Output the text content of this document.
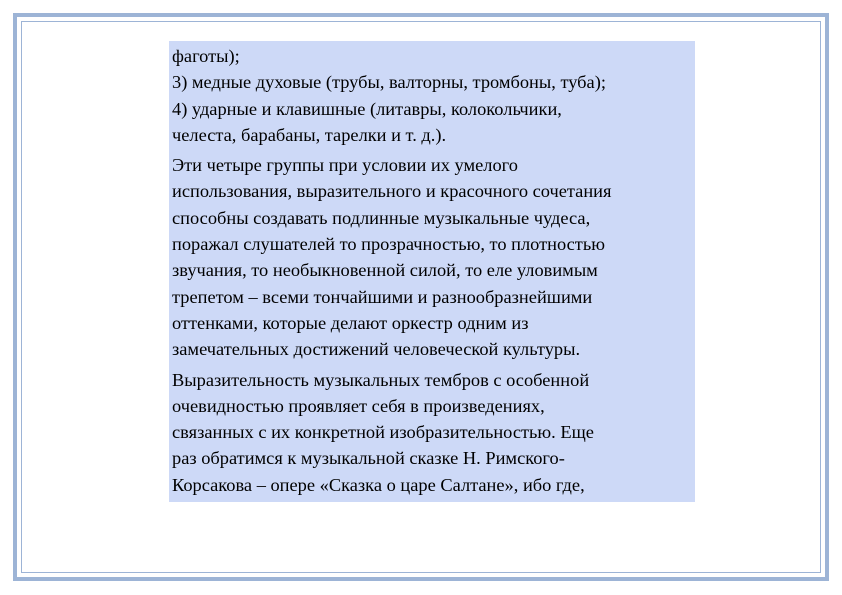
фаготы);
3) медные духовые (трубы, валторны, тромбоны, туба);
4) ударные и клавишные (литавры, колокольчики,
челеста, барабаны, тарелки и т. д.).

Эти четыре группы при условии их умелого
использования, выразительного и красочного сочетания
способны создавать подлинные музыкальные чудеса,
поражал слушателей то прозрачностью, то плотностью
звучания, то необыкновенной силой, то еле уловимым
трепетом – всеми тончайшими и разнообразнейшими
оттенками, которые делают оркестр одним из
замечательных достижений человеческой культуры.

Выразительность музыкальных тембров с особенной
очевидностью проявляет себя в произведениях,
связанных с их конкретной изобразительностью. Еще
раз обратимся к музыкальной сказке Н. Римского-
Корсакова – опере «Сказка о царе Салтане», ибо где,
